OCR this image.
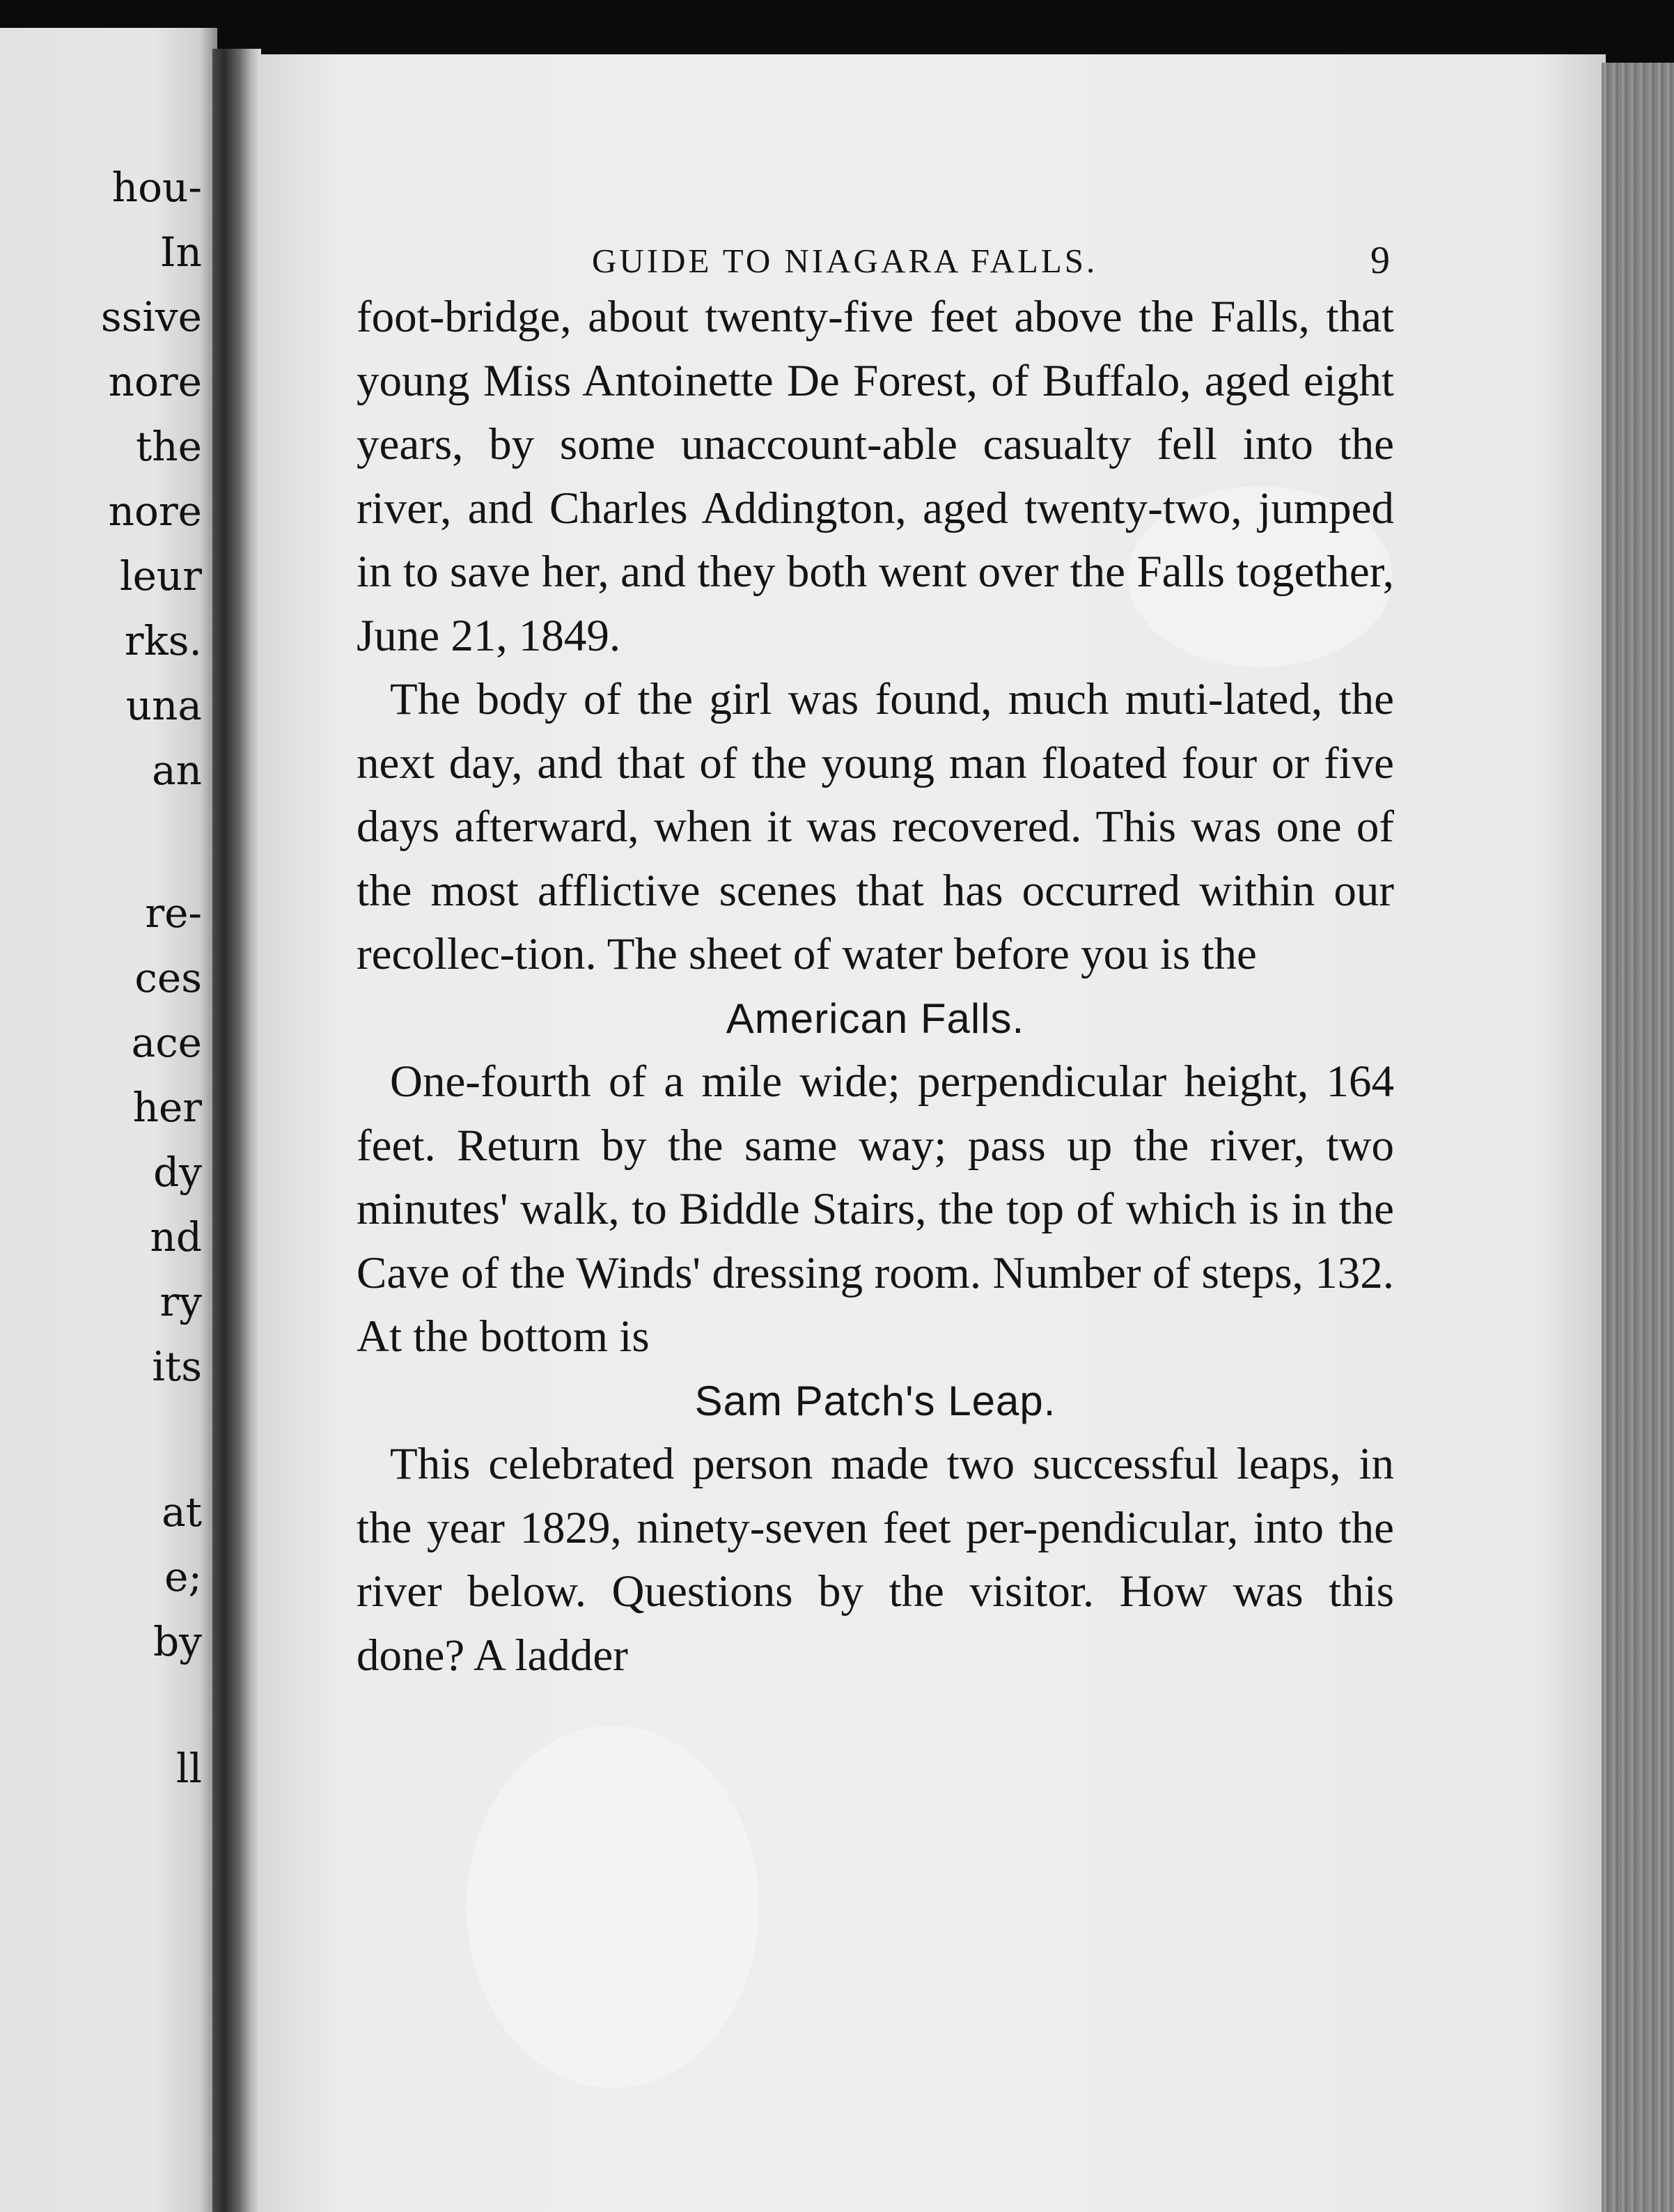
hou-
In
ssive
nore
the
nore
leur
rks.
una
an
re-
ces
ace
her
dy
nd
ry
its
at
e;
by
ll
GUIDE TO NIAGARA FALLS.	9

foot-bridge, about twenty-five feet above the Falls, that young Miss Antoinette De Forest, of Buffalo, aged eight years, by some unaccount-able casualty fell into the river, and Charles Addington, aged twenty-two, jumped in to save her, and they both went over the Falls together, June 21, 1849.

The body of the girl was found, much muti-lated, the next day, and that of the young man floated four or five days afterward, when it was recovered. This was one of the most afflictive scenes that has occurred within our recollec-tion. The sheet of water before you is the

American Falls.

One-fourth of a mile wide; perpendicular height, 164 feet. Return by the same way; pass up the river, two minutes' walk, to Biddle Stairs, the top of which is in the Cave of the Winds' dressing room. Number of steps, 132. At the bottom is

Sam Patch's Leap.

This celebrated person made two successful leaps, in the year 1829, ninety-seven feet per-pendicular, into the river below. Questions by the visitor. How was this done? A ladder
